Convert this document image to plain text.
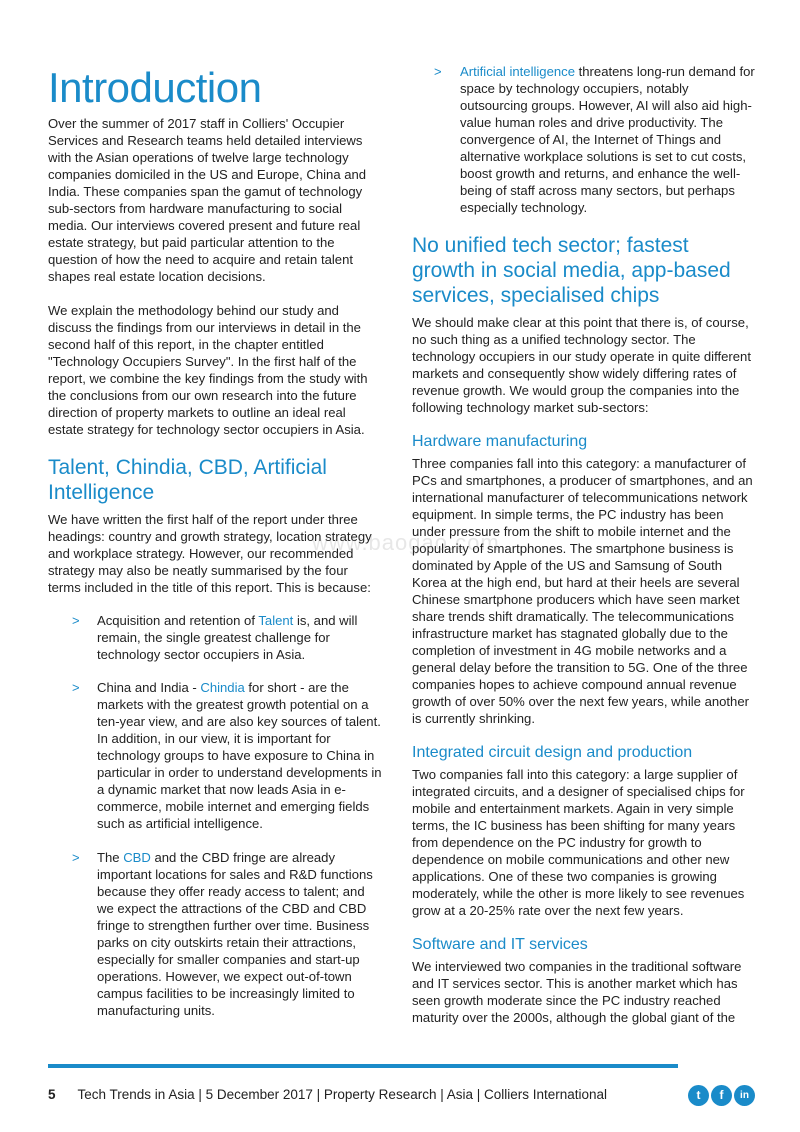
Introduction

Over the summer of 2017 staff in Colliers' Occupier Services and Research teams held detailed interviews with the Asian operations of twelve large technology companies domiciled in the US and Europe, China and India. These companies span the gamut of technology sub-sectors from hardware manufacturing to social media. Our interviews covered present and future real estate strategy, but paid particular attention to the question of how the need to acquire and retain talent shapes real estate location decisions.

We explain the methodology behind our study and discuss the findings from our interviews in detail in the second half of this report, in the chapter entitled "Technology Occupiers Survey". In the first half of the report, we combine the key findings from the study with the conclusions from our own research into the future direction of property markets to outline an ideal real estate strategy for technology sector occupiers in Asia.

Talent, Chindia, CBD, Artificial Intelligence

We have written the first half of the report under three headings: country and growth strategy, location strategy and workplace strategy. However, our recommended strategy may also be neatly summarised by the four terms included in the title of this report. This is because:

> Acquisition and retention of Talent is, and will remain, the single greatest challenge for technology sector occupiers in Asia.

> China and India - Chindia for short - are the markets with the greatest growth potential on a ten-year view, and are also key sources of talent. In addition, in our view, it is important for technology groups to have exposure to China in particular in order to understand developments in a dynamic market that now leads Asia in e-commerce, mobile internet and emerging fields such as artificial intelligence.

> The CBD and the CBD fringe are already important locations for sales and R&D functions because they offer ready access to talent; and we expect the attractions of the CBD and CBD fringe to strengthen further over time. Business parks on city outskirts retain their attractions, especially for smaller companies and start-up operations. However, we expect out-of-town campus facilities to be increasingly limited to manufacturing units.

> Artificial intelligence threatens long-run demand for space by technology occupiers, notably outsourcing groups. However, AI will also aid high-value human roles and drive productivity. The convergence of AI, the Internet of Things and alternative workplace solutions is set to cut costs, boost growth and returns, and enhance the well-being of staff across many sectors, but perhaps especially technology.

No unified tech sector; fastest growth in social media, app-based services, specialised chips

We should make clear at this point that there is, of course, no such thing as a unified technology sector. The technology occupiers in our study operate in quite different markets and consequently show widely differing rates of revenue growth. We would group the companies into the following technology market sub-sectors:

Hardware manufacturing

Three companies fall into this category: a manufacturer of PCs and smartphones, a producer of smartphones, and an international manufacturer of telecommunications network equipment. In simple terms, the PC industry has been under pressure from the shift to mobile internet and the popularity of smartphones. The smartphone business is dominated by Apple of the US and Samsung of South Korea at the high end, but hard at their heels are several Chinese smartphone producers which have seen market share trends shift dramatically. The telecommunications infrastructure market has stagnated globally due to the completion of investment in 4G mobile networks and a general delay before the transition to 5G. One of the three companies hopes to achieve compound annual revenue growth of over 50% over the next few years, while another is currently shrinking.

Integrated circuit design and production

Two companies fall into this category: a large supplier of integrated circuits, and a designer of specialised chips for mobile and entertainment markets. Again in very simple terms, the IC business has been shifting for many years from dependence on the PC industry for growth to dependence on mobile communications and other new applications. One of these two companies is growing moderately, while the other is more likely to see revenues grow at a 20-25% rate over the next few years.

Software and IT services

We interviewed two companies in the traditional software and IT services sector. This is another market which has seen growth moderate since the PC industry reached maturity over the 2000s, although the global giant of the

www.baogao.com
5 Tech Trends in Asia | 5 December 2017 | Property Research | Asia | Colliers International	t	f	in
